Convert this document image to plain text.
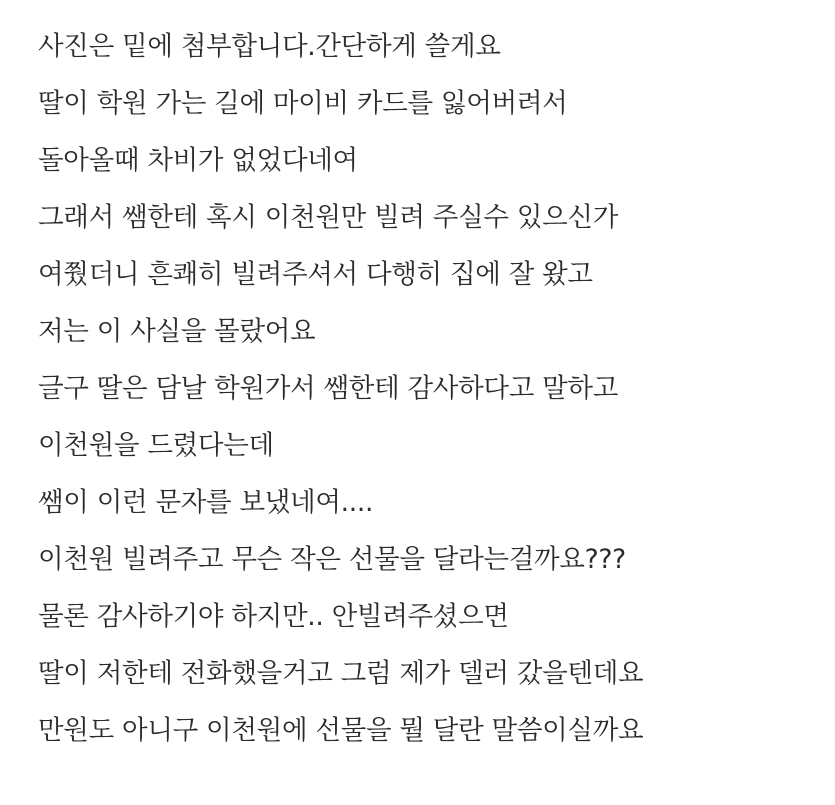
사진은 밑에 첨부합니다.간단하게 쓸게요
딸이 학원 가는 길에 마이비 카드를 잃어버려서
돌아올때 차비가 없었다네여
그래서 쌤한테 혹시 이천원만 빌려 주실수 있으신가
여쭸더니 흔쾌히 빌려주셔서 다행히 집에 잘 왔고
저는 이 사실을 몰랐어요
글구 딸은 담날 학원가서 쌤한테 감사하다고 말하고
이천원을 드렸다는데
쌤이 이런 문자를 보냈네여....
이천원 빌려주고 무슨 작은 선물을 달라는걸까요???
물론 감사하기야 하지만.. 안빌려주셨으면
딸이 저한테 전화했을거고 그럼 제가 델러 갔을텐데요
만원도 아니구 이천원에 선물을 뭘 달란 말씀이실까요
